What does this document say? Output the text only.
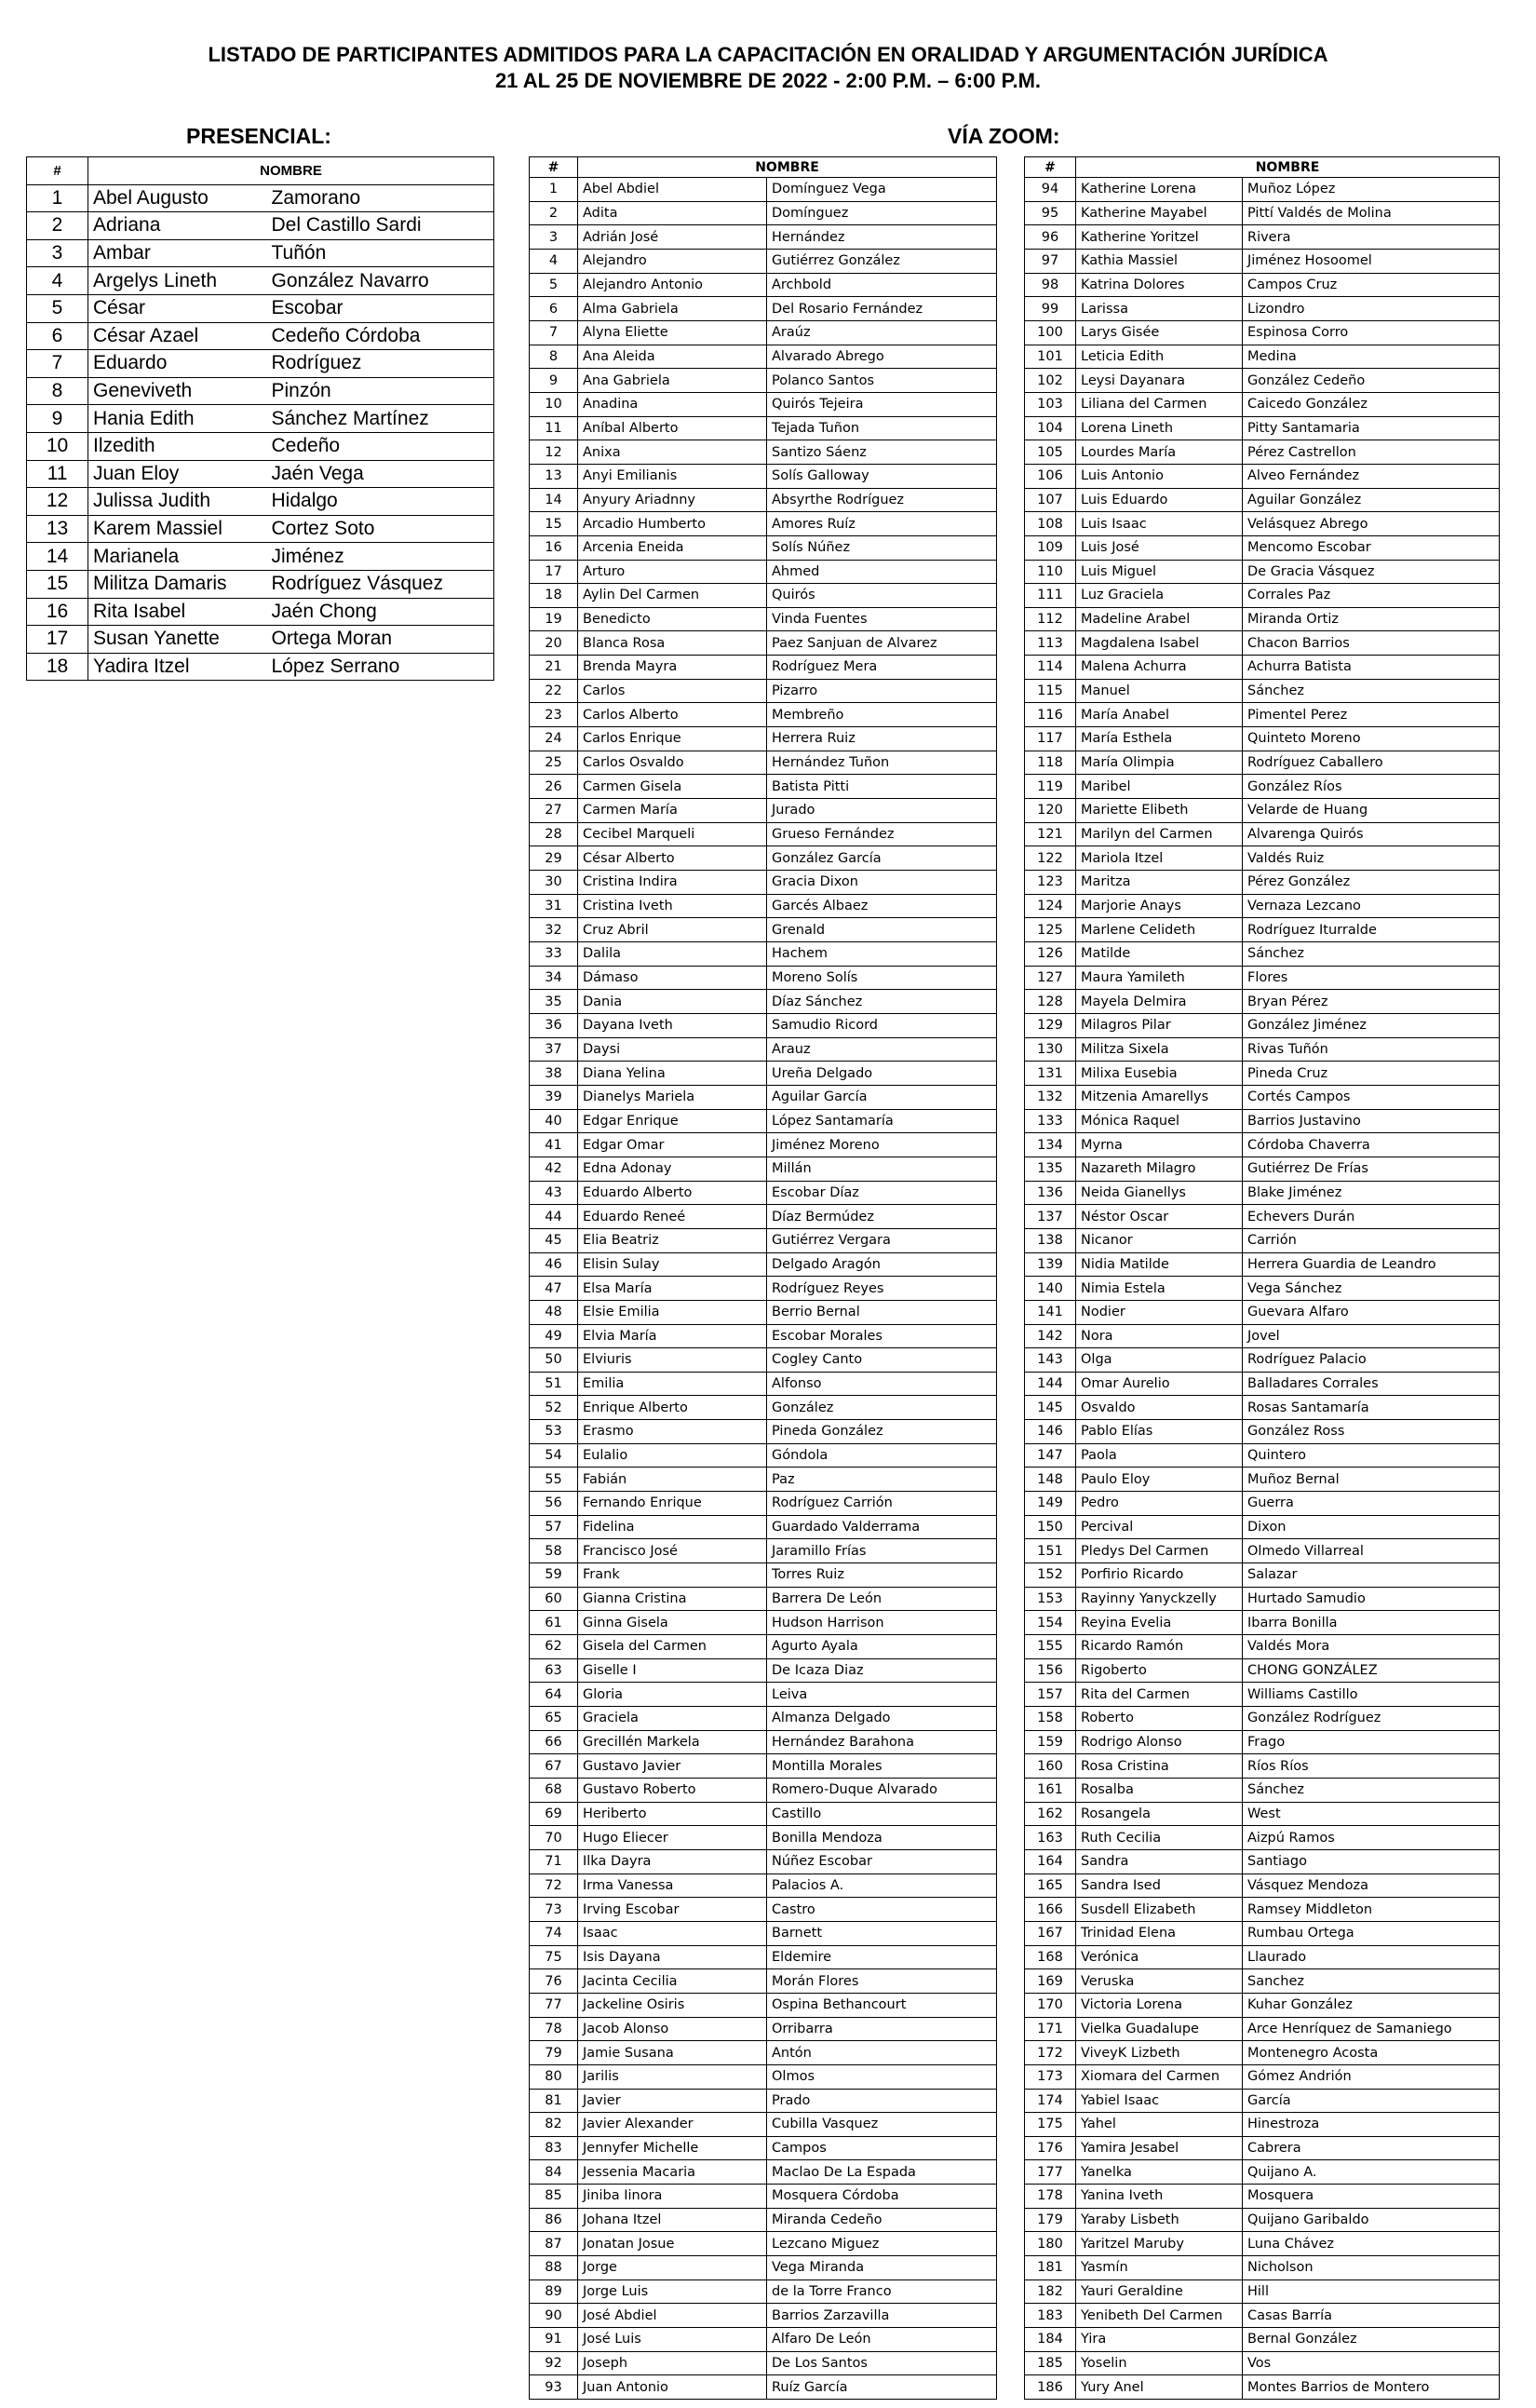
LISTADO DE PARTICIPANTES ADMITIDOS PARA LA CAPACITACIÓN EN ORALIDAD Y ARGUMENTACIÓN JURÍDICA
21 AL 25 DE NOVIEMBRE DE 2022 - 2:00 P.M. – 6:00 P.M.
PRESENCIAL:	VÍA ZOOM:
#	NOMBRE	
1	Abel Augusto	Zamorano
2	Adriana	Del Castillo Sardi
3	Ambar	Tuñón
4	Argelys Lineth	González Navarro
5	César	Escobar
6	César Azael	Cedeño Córdoba
7	Eduardo	Rodríguez
8	Geneviveth	Pinzón
9	Hania Edith	Sánchez Martínez
10	Ilzedith	Cedeño
11	Juan Eloy	Jaén Vega
12	Julissa Judith	Hidalgo
13	Karem Massiel	Cortez Soto
14	Marianela	Jiménez
15	Militza Damaris	Rodríguez Vásquez
16	Rita Isabel	Jaén Chong
17	Susan Yanette	Ortega Moran
18	Yadira Itzel	López Serrano
#	NOMBRE	
1	Abel Abdiel	Domínguez Vega
2	Adita	Domínguez
3	Adrián José	Hernández
4	Alejandro	Gutiérrez González
5	Alejandro Antonio	Archbold
6	Alma Gabriela	Del Rosario Fernández
7	Alyna Eliette	Araúz
8	Ana Aleida	Alvarado Abrego
9	Ana Gabriela	Polanco Santos
10	Anadina	Quirós Tejeira
11	Aníbal Alberto	Tejada Tuñon
12	Anixa	Santizo Sáenz
13	Anyi Emilianis	Solís Galloway
14	Anyury Ariadnny	Absyrthe Rodríguez
15	Arcadio Humberto	Amores Ruíz
16	Arcenia Eneida	Solís Núñez
17	Arturo	Ahmed
18	Aylin Del Carmen	Quirós
19	Benedicto	Vinda Fuentes
20	Blanca Rosa	Paez Sanjuan de Alvarez
21	Brenda Mayra	Rodríguez Mera
22	Carlos	Pizarro
23	Carlos Alberto	Membreño
24	Carlos Enrique	Herrera Ruiz
25	Carlos Osvaldo	Hernández Tuñon
26	Carmen Gisela	Batista Pitti
27	Carmen María	Jurado
28	Cecibel Marqueli	Grueso Fernández
29	César Alberto	González García
30	Cristina Indira	Gracia Dixon
31	Cristina Iveth	Garcés Albaez
32	Cruz Abril	Grenald
33	Dalila	Hachem
34	Dámaso	Moreno Solís
35	Dania	Díaz Sánchez
36	Dayana Iveth	Samudio Ricord
37	Daysi	Arauz
38	Diana Yelina	Ureña Delgado
39	Dianelys Mariela	Aguilar García
40	Edgar Enrique	López Santamaría
41	Edgar Omar	Jiménez Moreno
42	Edna Adonay	Millán
43	Eduardo Alberto	Escobar Díaz
44	Eduardo Reneé	Díaz Bermúdez
45	Elia Beatriz	Gutiérrez Vergara
46	Elisin Sulay	Delgado Aragón
47	Elsa María	Rodríguez Reyes
48	Elsie Emilia	Berrio Bernal
49	Elvia María	Escobar Morales
50	Elviuris	Cogley Canto
51	Emilia	Alfonso
52	Enrique Alberto	González
53	Erasmo	Pineda González
54	Eulalio	Góndola
55	Fabián	Paz
56	Fernando Enrique	Rodríguez Carrión
57	Fidelina	Guardado Valderrama
58	Francisco José	Jaramillo Frías
59	Frank	Torres Ruiz
60	Gianna Cristina	Barrera De León
61	Ginna Gisela	Hudson Harrison
62	Gisela del Carmen	Agurto Ayala
63	Giselle I	De Icaza Diaz
64	Gloria	Leiva
65	Graciela	Almanza Delgado
66	Grecillén Markela	Hernández Barahona
67	Gustavo Javier	Montilla Morales
68	Gustavo Roberto	Romero-Duque Alvarado
69	Heriberto	Castillo
70	Hugo Eliecer	Bonilla Mendoza
71	Ilka Dayra	Núñez Escobar
72	Irma Vanessa	Palacios A.
73	Irving Escobar	Castro
74	Isaac	Barnett
75	Isis Dayana	Eldemire
76	Jacinta Cecilia	Morán Flores
77	Jackeline Osiris	Ospina Bethancourt
78	Jacob Alonso	Orribarra
79	Jamie Susana	Antón
80	Jarilis	Olmos
81	Javier	Prado
82	Javier Alexander	Cubilla Vasquez
83	Jennyfer Michelle	Campos
84	Jessenia Macaria	Maclao De La Espada
85	Jiniba Iinora	Mosquera Córdoba
86	Johana Itzel	Miranda Cedeño
87	Jonatan Josue	Lezcano Miguez
88	Jorge	Vega Miranda
89	Jorge Luis	de la Torre Franco
90	José Abdiel	Barrios Zarzavilla
91	José Luis	Alfaro De León
92	Joseph	De Los Santos
93	Juan Antonio	Ruíz García
#	NOMBRE	
94	Katherine Lorena	Muñoz López
95	Katherine Mayabel	Pittí Valdés de Molina
96	Katherine Yoritzel	Rivera
97	Kathia Massiel	Jiménez Hosoomel
98	Katrina Dolores	Campos Cruz
99	Larissa	Lizondro
100	Larys Gisée	Espinosa Corro
101	Leticia Edith	Medina
102	Leysi Dayanara	González Cedeño
103	Liliana del Carmen	Caicedo González
104	Lorena Lineth	Pitty Santamaria
105	Lourdes María	Pérez Castrellon
106	Luis Antonio	Alveo Fernández
107	Luis Eduardo	Aguilar González
108	Luis Isaac	Velásquez Abrego
109	Luis José	Mencomo Escobar
110	Luis Miguel	De Gracia Vásquez
111	Luz Graciela	Corrales Paz
112	Madeline Arabel	Miranda Ortiz
113	Magdalena Isabel	Chacon Barrios
114	Malena Achurra	Achurra Batista
115	Manuel	Sánchez
116	María Anabel	Pimentel Perez
117	María Esthela	Quinteto Moreno
118	María Olimpia	Rodríguez Caballero
119	Maribel	González Ríos
120	Mariette Elibeth	Velarde de Huang
121	Marilyn del Carmen	Alvarenga Quirós
122	Mariola Itzel	Valdés Ruiz
123	Maritza	Pérez González
124	Marjorie Anays	Vernaza Lezcano
125	Marlene Celideth	Rodríguez Iturralde
126	Matilde	Sánchez
127	Maura Yamileth	Flores
128	Mayela Delmira	Bryan Pérez
129	Milagros Pilar	González Jiménez
130	Militza Sixela	Rivas Tuñón
131	Milixa Eusebia	Pineda Cruz
132	Mitzenia Amarellys	Cortés Campos
133	Mónica Raquel	Barrios Justavino
134	Myrna	Córdoba Chaverra
135	Nazareth Milagro	Gutiérrez De Frías
136	Neida Gianellys	Blake Jiménez
137	Néstor Oscar	Echevers Durán
138	Nicanor	Carrión
139	Nidia Matilde	Herrera Guardia de Leandro
140	Nimia Estela	Vega Sánchez
141	Nodier	Guevara Alfaro
142	Nora	Jovel
143	Olga	Rodríguez Palacio
144	Omar Aurelio	Balladares Corrales
145	Osvaldo	Rosas Santamaría
146	Pablo Elías	González Ross
147	Paola	Quintero
148	Paulo Eloy	Muñoz Bernal
149	Pedro	Guerra
150	Percival	Dixon
151	Pledys Del Carmen	Olmedo Villarreal
152	Porfirio Ricardo	Salazar
153	Rayinny Yanyckzelly	Hurtado Samudio
154	Reyina Evelia	Ibarra Bonilla
155	Ricardo Ramón	Valdés Mora
156	Rigoberto	CHONG GONZÁLEZ
157	Rita del Carmen	Williams Castillo
158	Roberto	González Rodríguez
159	Rodrigo Alonso	Frago
160	Rosa Cristina	Ríos Ríos
161	Rosalba	Sánchez
162	Rosangela	West
163	Ruth Cecilia	Aizpú Ramos
164	Sandra	Santiago
165	Sandra Ised	Vásquez Mendoza
166	Susdell Elizabeth	Ramsey Middleton
167	Trinidad Elena	Rumbau Ortega
168	Verónica	Llaurado
169	Veruska	Sanchez
170	Victoria Lorena	Kuhar González
171	Vielka Guadalupe	Arce Henríquez de Samaniego
172	ViveyK Lizbeth	Montenegro Acosta
173	Xiomara del Carmen	Gómez Andrión
174	Yabiel Isaac	García
175	Yahel	Hinestroza
176	Yamira Jesabel	Cabrera
177	Yanelka	Quijano A.
178	Yanina Iveth	Mosquera
179	Yaraby Lisbeth	Quijano Garibaldo
180	Yaritzel Maruby	Luna Chávez
181	Yasmín	Nicholson
182	Yauri Geraldine	Hill
183	Yenibeth Del Carmen	Casas Barría
184	Yira	Bernal González
185	Yoselin	Vos
186	Yury Anel	Montes Barrios de Montero
